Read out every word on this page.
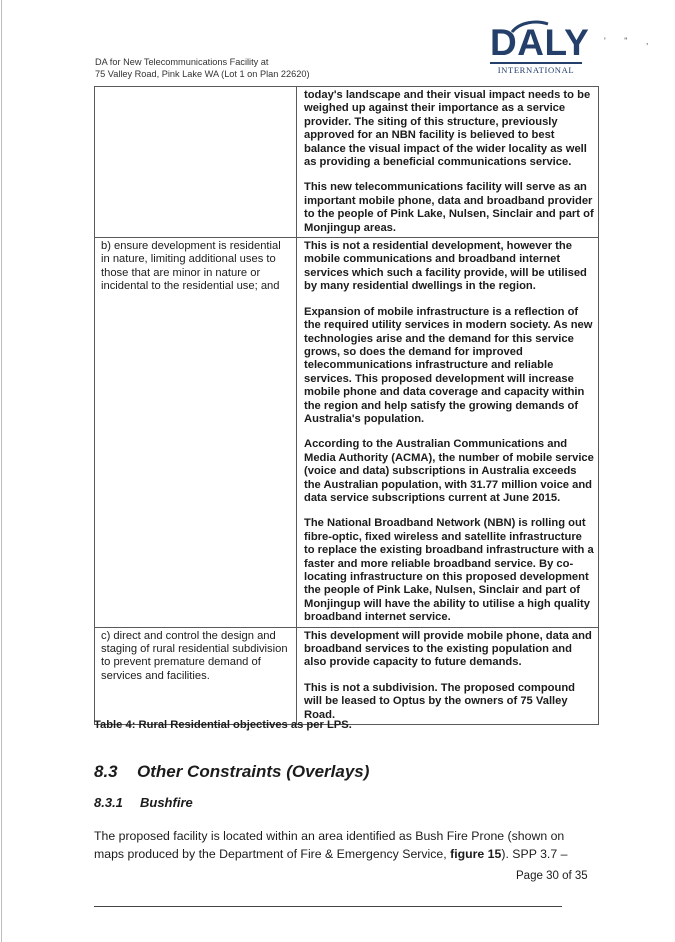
DA for New Telecommunications Facility at
75 Valley Road, Pink Lake WA (Lot 1 on Plan 22620)
DALY
INTERNATIONAL
' " ,

	today's landscape and their visual impact needs to be weighed up against their importance as a service provider. The siting of this structure, previously approved for an NBN facility is believed to best balance the visual impact of the wider locality as well as providing a beneficial communications service.

This new telecommunications facility will serve as an important mobile phone, data and broadband provider to the people of Pink Lake, Nulsen, Sinclair and part of Monjingup areas.

b) ensure development is residential in nature, limiting additional uses to those that are minor in nature or incidental to the residential use; and	This is not a residential development, however the mobile communications and broadband internet services which such a facility provide, will be utilised by many residential dwellings in the region.

Expansion of mobile infrastructure is a reflection of the required utility services in modern society. As new technologies arise and the demand for this service grows, so does the demand for improved telecommunications infrastructure and reliable services. This proposed development will increase mobile phone and data coverage and capacity within the region and help satisfy the growing demands of Australia's population.

According to the Australian Communications and Media Authority (ACMA), the number of mobile service (voice and data) subscriptions in Australia exceeds the Australian population, with 31.77 million voice and data service subscriptions current at June 2015.

The National Broadband Network (NBN) is rolling out fibre-optic, fixed wireless and satellite infrastructure to replace the existing broadband infrastructure with a faster and more reliable broadband service. By co-locating infrastructure on this proposed development the people of Pink Lake, Nulsen, Sinclair and part of Monjingup will have the ability to utilise a high quality broadband internet service.

c) direct and control the design and staging of rural residential subdivision to prevent premature demand of services and facilities.	This development will provide mobile phone, data and broadband services to the existing population and also provide capacity to future demands.

This is not a subdivision. The proposed compound will be leased to Optus by the owners of 75 Valley Road.

Table 4: Rural Residential objectives as per LPS.
8.3 Other Constraints (Overlays)
8.3.1 Bushfire
The proposed facility is located within an area identified as Bush Fire Prone (shown on
maps produced by the Department of Fire & Emergency Service, figure 15). SPP 3.7 –
Page 30 of 35
